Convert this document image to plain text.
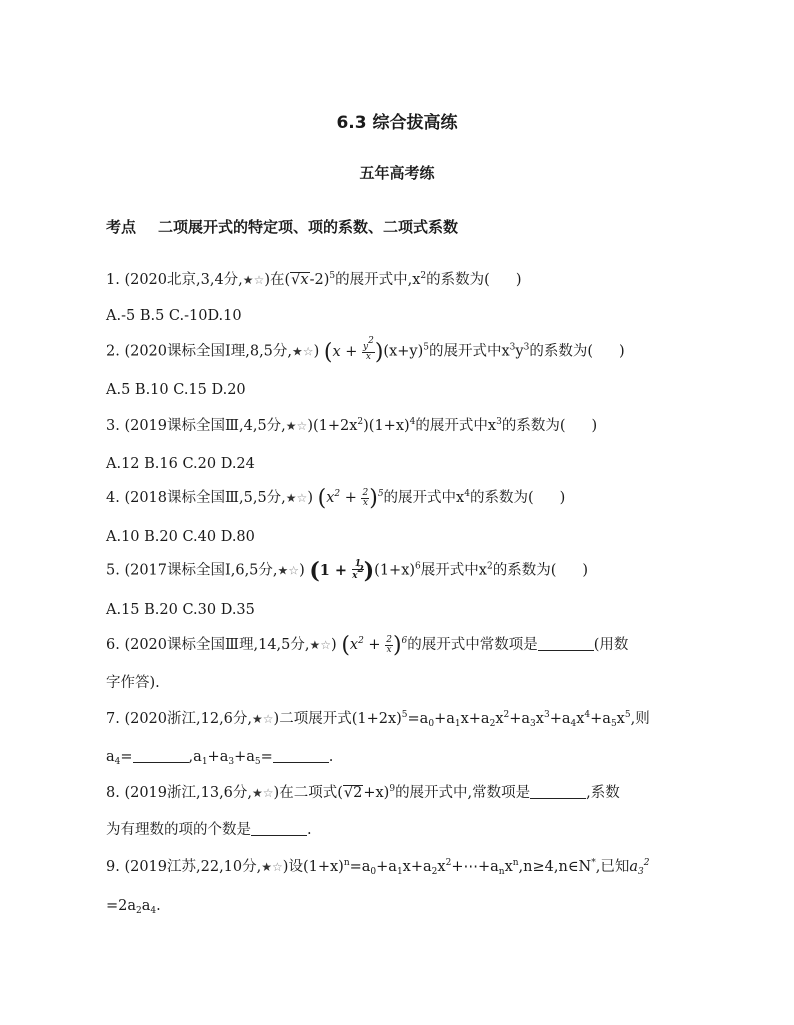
6.3 综合拔高练
五年高考练
考点 二项展开式的特定项、项的系数、二项式系数
1. (2020北京,3,4分,★☆)在$(√x-2)^5$的展开式中$,x^2$的系数为( )
A.-5 B.5 C.-10D.10
2. (2020课标全国Ⅰ理,8,5分,★☆) $(x + \frac{y^2}{x} )(x+y)^5$的展开式中$x^3y^3$的系数为( )
A.5 B.10 C.15 D.20
3. (2019课标全国Ⅲ,4,5分$,★☆)(1+2x^2)(1+x)^4$的展开式中$x^3$的系数为( )
A.12 B.16 C.20 D.24
4. (2018课标全国Ⅲ,5,5分,★☆) $(x^2 + \frac{2}{x} )^5$的展开式中$x^4$的系数为( )
A.10 B.20 C.40 D.80
5. (2017课标全国Ⅰ,6,5分,★☆) $(1 + \frac{1}{x^2} )(1+x)^6$展开式中$x^2$的系数为( )
A.15 B.20 C.30 D.35
6. (2020课标全国Ⅲ理,14,5分,★☆) $(x^2 + \frac{2}{x} )^6$的展开式中常数项是	(用数
字作答).
7. (2020浙江,12,6分,★☆)二项展开式$(1+2x)^5=a_0+a_1x+a_2x^2+a_3x^3+a_4x^4+a_5x^5$,则
$a_4=$	$,a_1+a_3+a_5=$	.
8. (2019浙江,13,6分,★☆)在二项式$(√2+x)^9$的展开式中,常数项是	,系数
为有理数的项的个数是	.
9. (2019江苏,22,10分,★☆)设$(1+x)^n=a_0+a_1x+a_2x^2+\cdots+a_nx^n,n\ge 4,n\in N^*$,已知$a_3^2$
$=2a_2a_4$.
